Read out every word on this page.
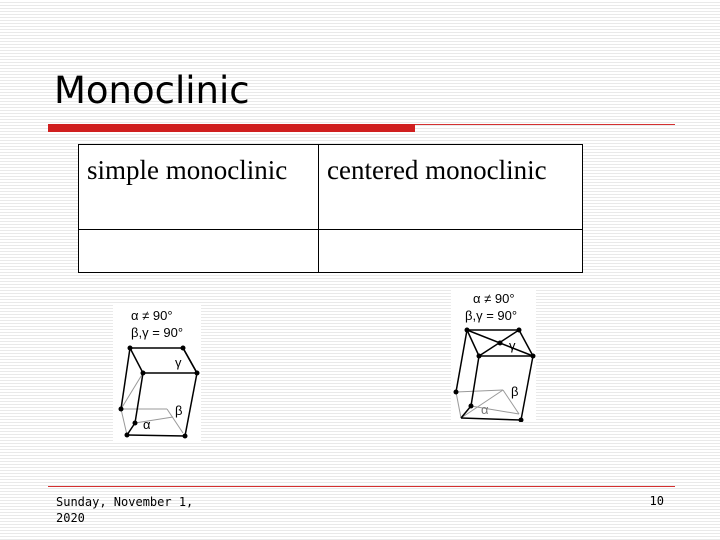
Monoclinic
simple monoclinic	centered monoclinic

α ≠ 90°
β,γ = 90°
γ
β
α
α ≠ 90°
β,γ = 90°
γ
β
α
Sunday, November 1, 2020
10
